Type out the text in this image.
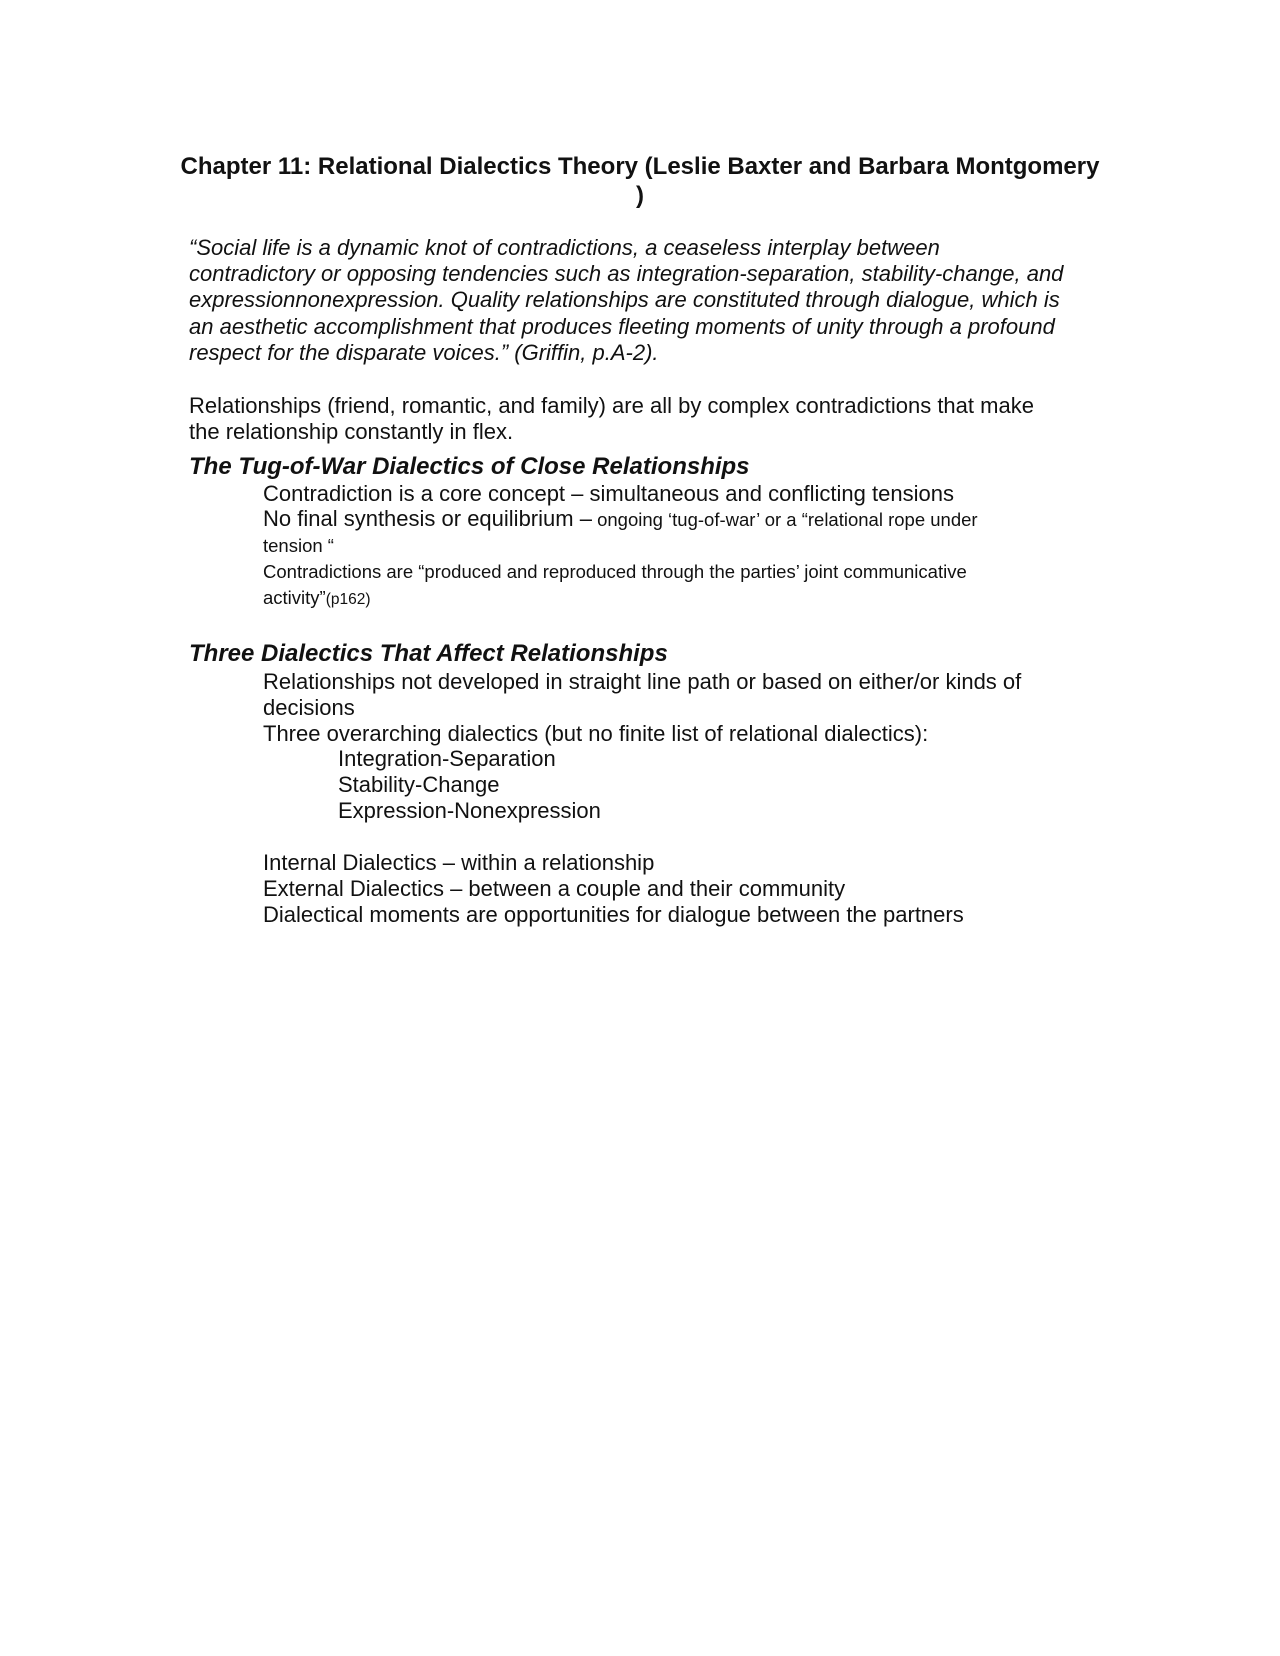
Chapter 11: Relational Dialectics Theory (Leslie Baxter and Barbara Montgomery )

“Social life is a dynamic knot of contradictions, a ceaseless interplay between contradictory or opposing tendencies such as integration-separation, stability-change, and expressionnonexpression. Quality relationships are constituted through dialogue, which is an aesthetic accomplishment that produces fleeting moments of unity through a profound respect for the disparate voices.” (Griffin, p.A-2).

Relationships (friend, romantic, and family) are all by complex contradictions that make the relationship constantly in flex.

The Tug-of-War Dialectics of Close Relationships

Contradiction is a core concept – simultaneous and conflicting tensions

No final synthesis or equilibrium – ongoing ‘tug-of-war’ or a “relational rope under

tension “

Contradictions are “produced and reproduced through the parties’ joint communicative

activity”(p162)

Three Dialectics That Affect Relationships

Relationships not developed in straight line path or based on either/or kinds of

decisions

Three overarching dialectics (but no finite list of relational dialectics):

Integration-Separation

Stability-Change

Expression-Nonexpression

Internal Dialectics – within a relationship

External Dialectics – between a couple and their community

Dialectical moments are opportunities for dialogue between the partners
